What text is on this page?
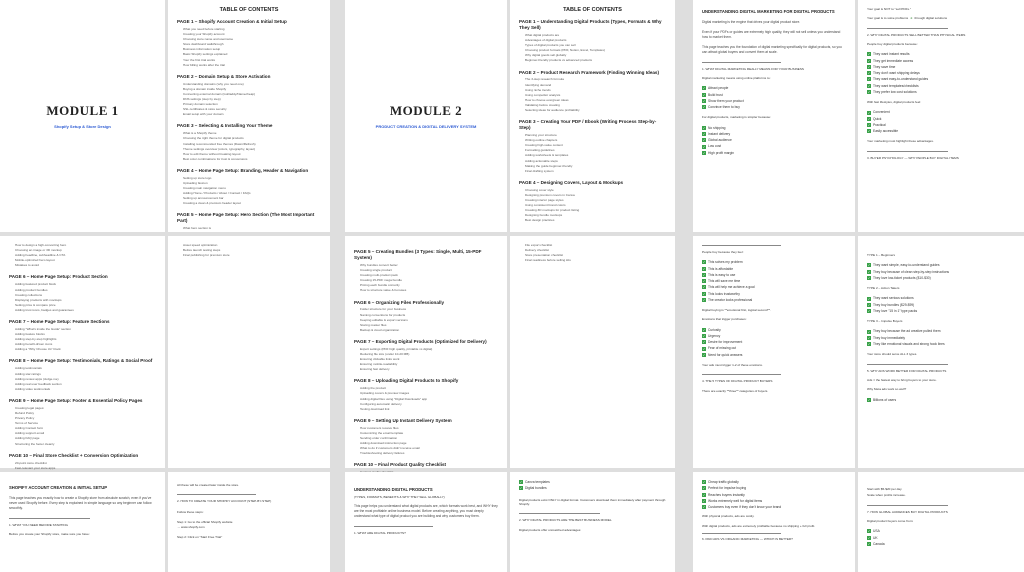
MODULE 1
Shopify Setup & Store Design
TABLE OF CONTENTS
PAGE 1 – Shopify Account Creation & Initial Setup
What you need before starting
Creating your Shopify account
Choosing store name and username
Store dashboard walkthrough
Business information setup
Basic Shopify settings explained
Your the first trial works
How billing works after the trial
PAGE 2 – Domain Setup & Store Activation
Understanding domains (why you need one)
Buying a domain inside Shopify
Connecting external domain (GoDaddy/Namecheap)
DNS settings (step by step)
Primary domain selection
SSL certificates & store security
Email setup with your domain
PAGE 3 – Selecting & Installing Your Theme
What is a Shopify theme
Choosing the right theme for digital products
Installing recommended free themes (Dawn/Refresh)
Theme settings overview (colors, typography, layout)
How to edit theme without breaking layout
Best color combinations for trust & conversions
PAGE 4 – Home Page Setup: Branding, Header & Navigation
Setting up store logo
Uploading favicon
Creating main navigation menu
Adding Home / Products / About / Contact / FAQs
Setting up announcement bar
Creating a clean & premium header layout
PAGE 5 – Home Page Setup: Hero Section (The Most Important Part)
What hero section is
MODULE 2
PRODUCT CREATION & DIGITAL DELIVERY SYSTEM
TABLE OF CONTENTS
PAGE 1 – Understanding Digital Products (Types, Formats & Why They Sell)
What digital products are
Advantages of digital products
Types of digital products you can sell
Choosing product formats (PDF, Notion, Excel, Templates)
Why digital goods sell globally
Beginner-friendly products vs advanced products
PAGE 2 – Product Research Framework (Finding Winning Ideas)
The 3-step research formula
Identifying demand
Using niche trends
Using competitor analysis
How to choose evergreen ideas
Validating before creating
Selecting ideas for audience profitability
PAGE 3 – Creating Your PDF / Ebook (Writing Process Step-by-Step)
Planning your structure
Writing outline chapters
Creating high-value content
Formatting guidelines
Adding worksheets & templates
Adding actionable steps
Making the guide beginner-friendly
Final drafting system
PAGE 4 – Designing Covers, Layout & Mockups
Choosing cover style
Designing premium covers in Canva
Creating interior page styles
Using consistent brand colors
Creating 3D mockups for product listing
Designing bundle mockups
Best design practices
UNDERSTANDING DIGITAL MARKETING FOR DIGITAL PRODUCTS
Digital marketing is the engine that drives your digital product store.
Even if your PDFs or guides are extremely high quality, they will not sell unless you understand how to market them.
This page teaches you the foundation of digital marketing specifically for digital products, so you can attract global buyers and convert them at scale.
1. WHAT DIGITAL MARKETING REALLY MEANS FOR YOUR BUSINESS
Digital marketing means using online platforms to:
✓ Attract people
✓ Build trust
✓ Show them your product
✓ Convince them to buy
For digital products, marketing is simpler because:
✓ No shipping
✓ Instant delivery
✓ Global audience
✓ Low cost
✓ High profit margin
Your goal is NOT to "sell PDFs."
Your goal is to solve problems ➜ through digital solutions
2. WHY DIGITAL PRODUCTS SELL BETTER THAN PHYSICAL ITEMS
People buy digital products because:
✓ They want instant results
✓ They get immediate access
✓ They save time
✓ They don't want shipping delays
✓ They want easy-to-understand guides
✓ They want templates/checklists
✓ They prefer low cost solutions
With fast lifestyles, digital products feel:
✓ Convenient
✓ Quick
✓ Practical
✓ Easily accessible
Your marketing must highlight these advantages.
3. BUYER PSYCHOLOGY — WHY PEOPLE BUY DIGITAL ITEMS
How to design a high-converting hero
Choosing an image or 3D mockup
Adding headline, subheadline & CTA
Mobile-optimized hero layout
Mistakes to avoid
PAGE 6 – Home Page Setup: Product Section
Adding featured product block
Adding product bundles
Creating collections
Displaying products with mockups
Setting price & compare price
Adding trust icons, badges and guarantees
PAGE 7 – Home Page Setup: Feature Sections
Adding "What's inside the Guide" section
Adding feature blocks
Adding step-by-step highlights
Adding benefit-driven icons
Adding a "Why Choose Us" block
PAGE 8 – Home Page Setup: Testimonials, Ratings & Social Proof
Adding testimonials
Adding star ratings
Adding review apps (Judge.me)
Adding real user feedback section
Adding video testimonials
PAGE 9 – Home Page Setup: Footer & Essential Policy Pages
Creating legal pages:
Refund Policy
Privacy Policy
Terms of Service
Adding Contact form
Adding support email
Adding FAQ page
Structuring the footer cleanly
PAGE 10 – Final Store Checklist + Conversion Optimization
20-point store checklist
Fast-relevant your store apps
Asset speed optimization
Before launch testing steps
Final publishing for premium store
PAGE 5 – Creating Bundles (3 Types: Single, Multi, 15-PDF System)
Why bundles convert better
Creating single product
Creating multi-product pack
Creating 15-PDF mega bundle
Pricing each bundle correctly
How to structure value & bonuses
PAGE 6 – Organizing Files Professionally
Folder structure for your business
Naming conventions for products
Keeping editable & export versions
Storing master files
Backup & cloud organization
PAGE 7 – Exporting Digital Products (Optimized for Delivery)
Export settings (PDF high quality, printable vs digital)
Reducing file size (under 10-20 MB)
Ensuring clickable links work
Ensuring mobile-readability
Ensuring fast delivery
PAGE 8 – Uploading Digital Products to Shopify
Adding the product
Uploading covers & preview images
Adding digital files using "Digital Downloads" app
Configuring automatic delivery
Testing download link
PAGE 9 – Setting Up Instant Delivery System
How customers receive files
Customizing the email template
Sending order confirmation
Adding download instruction page
What to do if customers didn't receive email
Troubleshooting delivery failures
PAGE 10 – Final Product Quality Checklist
File export checklist
Delivery checklist
Store presentation checklist
Final readiness before selling kits
People buy because they feel:
✓ This solves my problem
✓ This is affordable
✓ This is easy to use
✓ This will save me time
✓ This will help me achieve a goal
✓ This looks trustworthy
✓ The creator looks professional
Digital buying is **emotional first, logical second**.
Emotions that trigger purchases:
✓ Curiosity
✓ Urgency
✓ Desire for improvement
✓ Fear of missing out
✓ Need for quick answers
Your ads must trigger 1-2 of these emotions.
4. THE 5 TYPES OF DIGITAL PRODUCT BUYERS
There are exactly **three** categories of buyers.
TYPE 1 – Beginners
✓ They want simple, easy-to-understand guides
✓ They buy because of clean step-by-step instructions
✓ They love low-ticket products ($10-$30)
TYPE 2 – Action Takers
✓ They want serious solutions
✓ They buy bundles ($29-$99)
✓ They love "15 in 1" type packs
TYPE 3 – Impulse Buyers
✓ They buy because the ad creative pulled them
✓ They buy immediately
✓ They like emotional visuals and strong hook lines
Your store should serve ALL 3 types.
5. WHY ADS WORK BETTER FOR DIGITAL PRODUCTS
Ads = the fastest way to bring buyers to your store.
Why Meta ads work so well?
✓ Billions of users
SHOPIFY ACCOUNT CREATION & INITIAL SETUP
This page teaches you exactly how to create a Shopify store from absolute scratch, even if you've never used Shopify before. Every step is explained in simple language so any beginner can follow smoothly.
1. WHAT YOU NEED BEFORE STARTING
Before you create your Shopify store, make sure you have:
All these will be created later inside the store.
2. HOW TO CREATE YOUR SHOPIFY ACCOUNT (STEP-BY-STEP)
Follow these steps:
Step 1: Go to the official Shopify website
→ www.shopify.com
Step 2: Click on "Start Free Trial"
UNDERSTANDING DIGITAL PRODUCTS
(TYPES, FORMATS, BENEFITS & WHY THEY SELL GLOBALLY)
This page helps you understand what digital products are, which formats work best, and WHY they are the most profitable online business model. Before creating anything, you must deeply understand what type of digital product you are building and why customers buy them.
1. WHAT ARE DIGITAL PRODUCTS?
✓ Canva templates
✓ Digital bundles
Digital products exist ONLY in digital format. Customers download them immediately after payment through Shopify.
2. WHY DIGITAL PRODUCTS ARE THE BEST BUSINESS MODEL
Digital products offer unmatched advantages:
✓ Cheap traffic globally
✓ Perfect for impulse buying
✓ Reaches buyers instantly
✓ Works extremely well for digital items
✓ Customers buy even if they don't know your brand
With physical products, ads are costly.
With digital products, ads are extremely profitable because no shipping + full profit.
6. PAID ADS VS ORGANIC MARKETING — WHICH IS BETTER?
Start with $5-$20 per day.
Scale when profits increase.
7. HOW GLOBAL AUDIENCES BUY DIGITAL PRODUCTS
Digital product buyers come from:
✓ USA
✓ UK
✓ Canada
